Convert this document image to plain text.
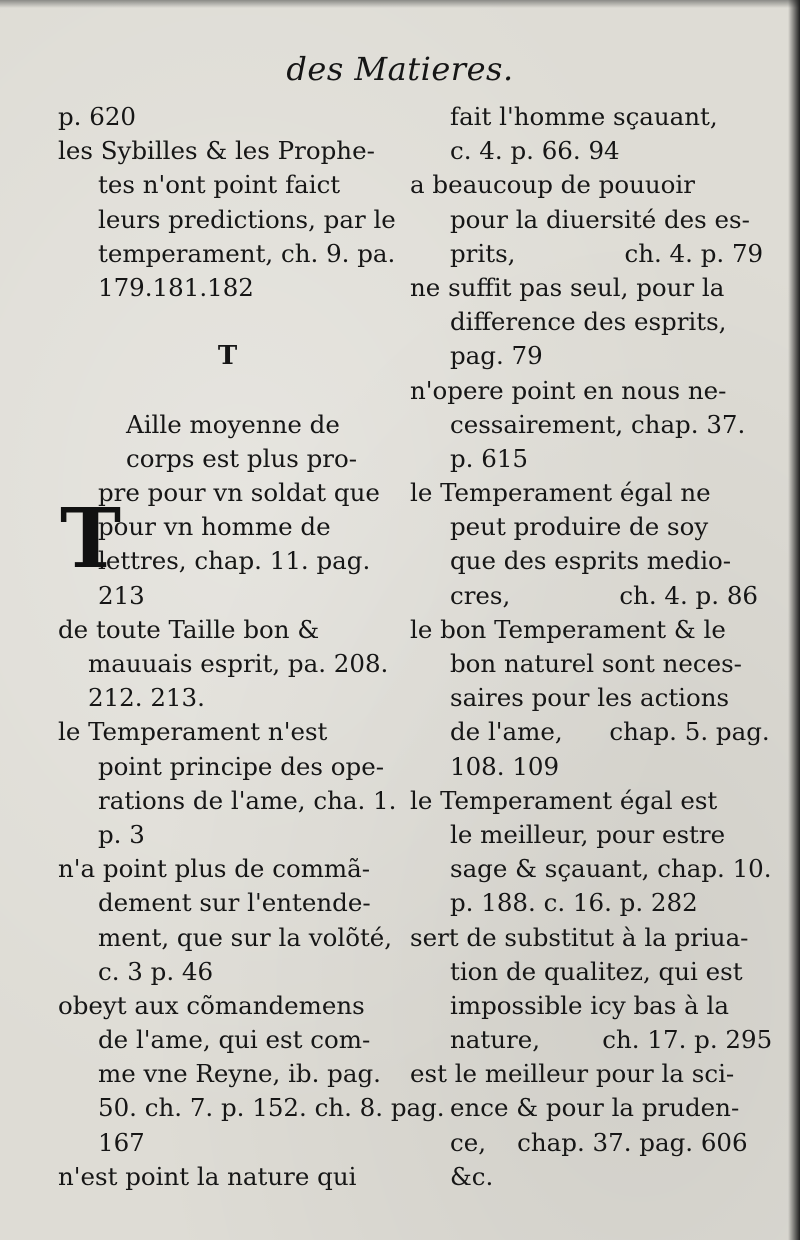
des Matieres.
p. 620
les Sybilles & les Prophe-
tes n'ont point faict
leurs predictions, par le
temperament, ch. 9. pa.
179.181.182
T
T
Aille moyenne de
corps est plus pro-
pre pour vn soldat que
pour vn homme de
lettres, chap. 11. pag.
213
de toute Taille bon &
mauuais esprit, pa. 208.
212. 213.
le Temperament n'est
point principe des ope-
rations de l'ame, cha. 1.
p. 3
n'a point plus de commã-
dement sur l'entende-
ment, que sur la volõté,
c. 3 p. 46
obeyt aux cõmandemens
de l'ame, qui est com-
me vne Reyne, ib. pag.
50. ch. 7. p. 152. ch. 8. pag.
167
n'est point la nature qui
fait l'homme sçauant,
c. 4. p. 66. 94
a beaucoup de pouuoir
pour la diuersité des es-
prits,              ch. 4. p. 79
ne suffit pas seul, pour la
difference des esprits,
pag. 79
n'opere point en nous ne-
cessairement, chap. 37.
p. 615
le Temperament égal ne
peut produire de soy
que des esprits medio-
cres,              ch. 4. p. 86
le bon Temperament & le
bon naturel sont neces-
saires pour les actions
de l'ame,      chap. 5. pag.
108. 109
le Temperament égal est
le meilleur, pour estre
sage & sçauant, chap. 10.
p. 188. c. 16. p. 282
sert de substitut à la priua-
tion de qualitez, qui est
impossible icy bas à la
nature,        ch. 17. p. 295
est le meilleur pour la sci-
ence & pour la pruden-
ce,    chap. 37. pag. 606
&c.
